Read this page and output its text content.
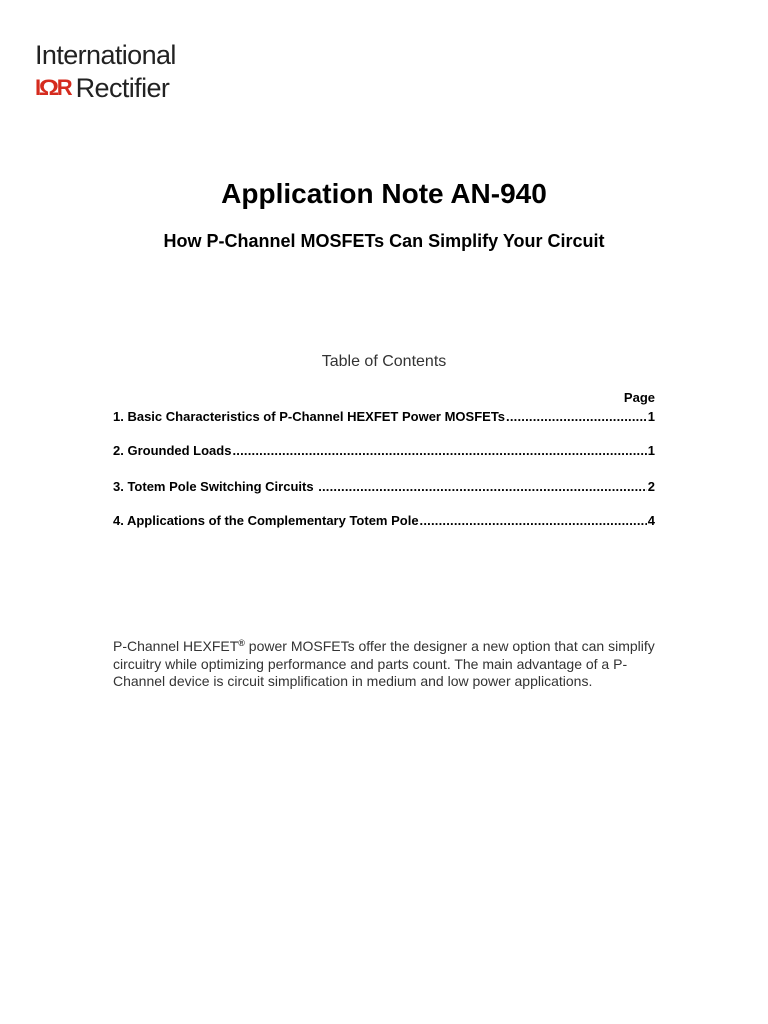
International
IΩR Rectifier
Application Note AN-940
How P-Channel MOSFETs Can Simplify Your Circuit
Table of Contents
Page
1. Basic Characteristics of P-Channel HEXFET Power MOSFETs .....	1
2. Grounded Loads .....	1
3. Totem Pole Switching Circuits .....	2
4. Applications of the Complementary Totem Pole .....	4

P-Channel HEXFET® power MOSFETs offer the designer a new option that can simplify circuitry while optimizing performance and parts count. The main advantage of a P-Channel device is circuit simplification in medium and low power applications.
